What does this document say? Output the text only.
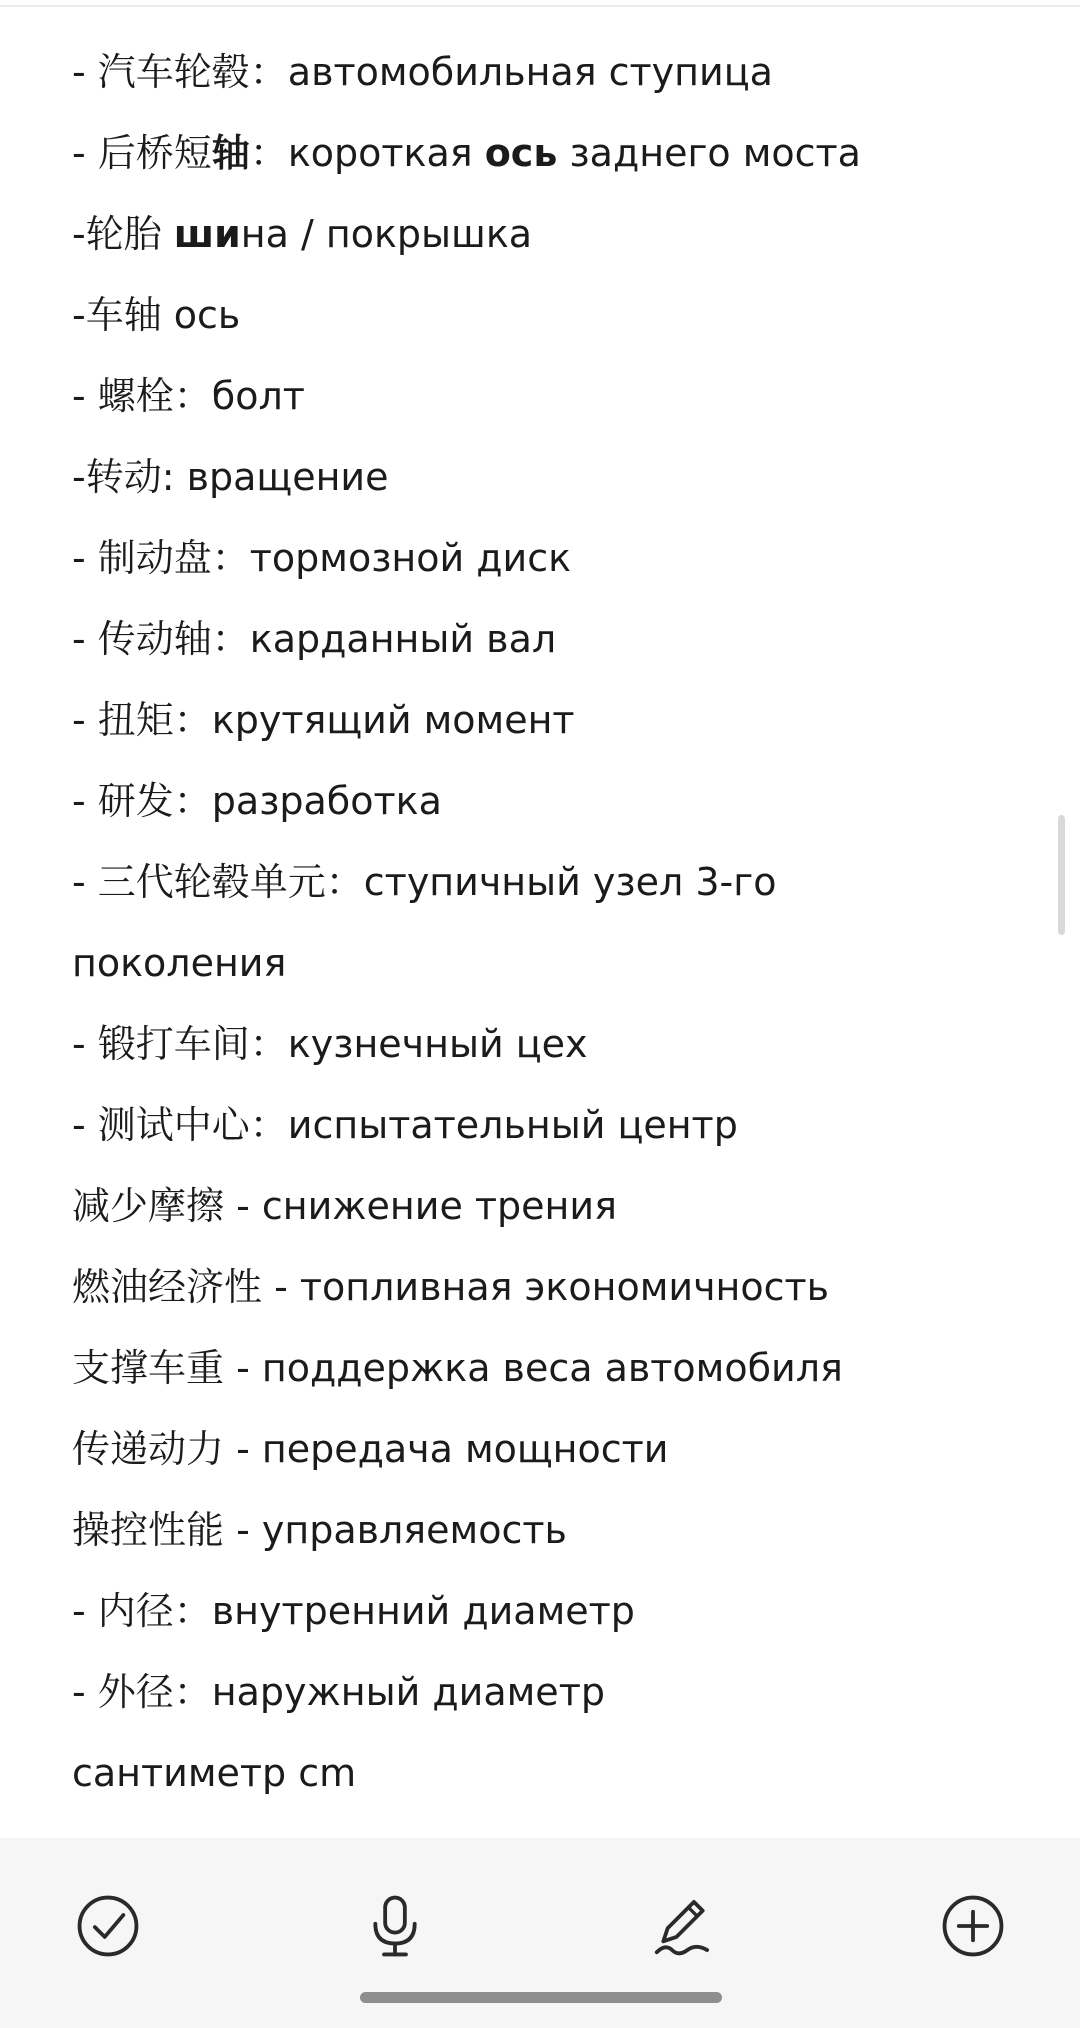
- 汽车轮毂：автомобильная ступица
- 后桥短轴：короткая ось заднего моста
-轮胎 шина / покрышка
-车轴 ось
- 螺栓：болт
-转动: вращение
- 制动盘：тормозной диск
- 传动轴：карданный вал
- 扭矩：крутящий момент
- 研发：разработка
- 三代轮毂单元：ступичный узел 3-го
поколения
- 锻打车间：кузнечный цех
- 测试中心：испытательный центр
减少摩擦 - снижение трения
燃油经济性 - топливная экономичность
支撑车重 - поддержка веса автомобиля
传递动力 - передача мощности
操控性能 - управляемость
- 内径：внутренний диаметр
- 外径：наружный диаметр
сантиметр cm
